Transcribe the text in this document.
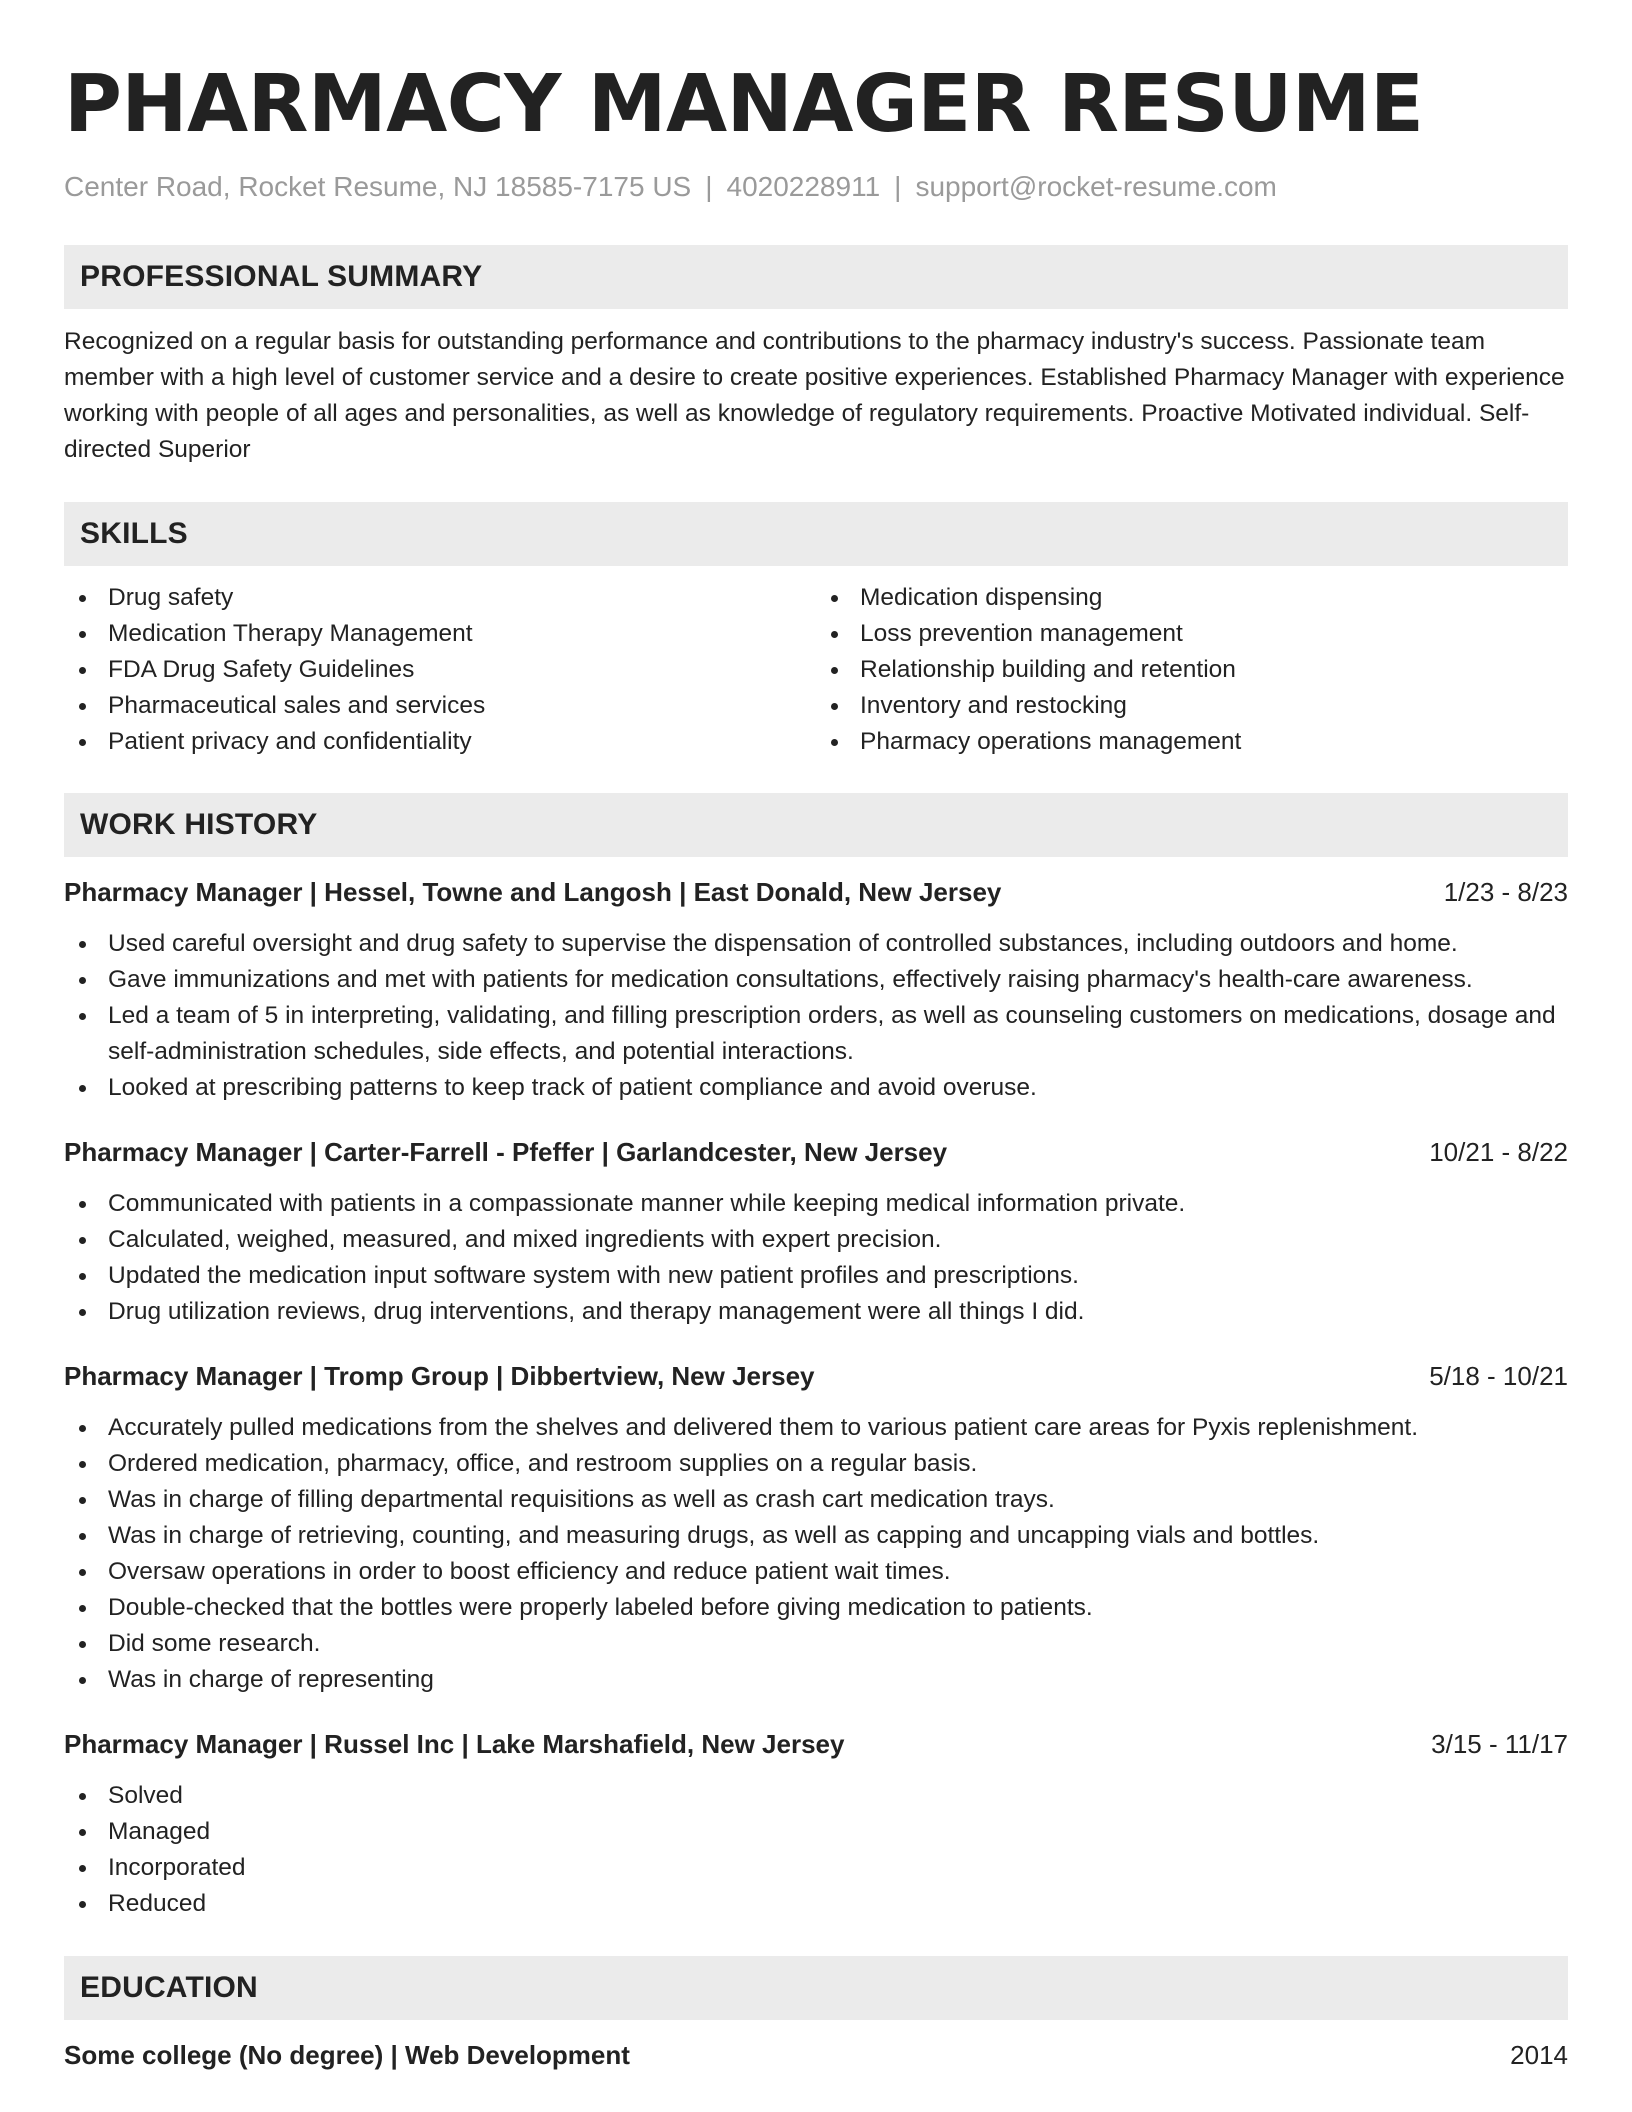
PHARMACY MANAGER RESUME
Center Road, Rocket Resume, NJ 18585-7175 US | 4020228911 | support@rocket-resume.com
PROFESSIONAL SUMMARY

Recognized on a regular basis for outstanding performance and contributions to the pharmacy industry's success. Passionate team member with a high level of customer service and a desire to create positive experiences. Established Pharmacy Manager with experience working with people of all ages and personalities, as well as knowledge of regulatory requirements. Proactive Motivated individual. Self-directed Superior

SKILLS
Drug safety
Medication Therapy Management
FDA Drug Safety Guidelines
Pharmaceutical sales and services
Patient privacy and confidentiality
Medication dispensing
Loss prevention management
Relationship building and retention
Inventory and restocking
Pharmacy operations management
WORK HISTORY
Pharmacy Manager | Hessel, Towne and Langosh | East Donald, New Jersey	1/23 - 8/23
Used careful oversight and drug safety to supervise the dispensation of controlled substances, including outdoors and home.
Gave immunizations and met with patients for medication consultations, effectively raising pharmacy's health-care awareness.
Led a team of 5 in interpreting, validating, and filling prescription orders, as well as counseling customers on medications, dosage and self-administration schedules, side effects, and potential interactions.
Looked at prescribing patterns to keep track of patient compliance and avoid overuse.
Pharmacy Manager | Carter-Farrell - Pfeffer | Garlandcester, New Jersey	10/21 - 8/22
Communicated with patients in a compassionate manner while keeping medical information private.
Calculated, weighed, measured, and mixed ingredients with expert precision.
Updated the medication input software system with new patient profiles and prescriptions.
Drug utilization reviews, drug interventions, and therapy management were all things I did.
Pharmacy Manager | Tromp Group | Dibbertview, New Jersey	5/18 - 10/21
Accurately pulled medications from the shelves and delivered them to various patient care areas for Pyxis replenishment.
Ordered medication, pharmacy, office, and restroom supplies on a regular basis.
Was in charge of filling departmental requisitions as well as crash cart medication trays.
Was in charge of retrieving, counting, and measuring drugs, as well as capping and uncapping vials and bottles.
Oversaw operations in order to boost efficiency and reduce patient wait times.
Double-checked that the bottles were properly labeled before giving medication to patients.
Did some research.
Was in charge of representing
Pharmacy Manager | Russel Inc | Lake Marshafield, New Jersey	3/15 - 11/17
Solved
Managed
Incorporated
Reduced
EDUCATION
Some college (No degree) | Web Development	2014
